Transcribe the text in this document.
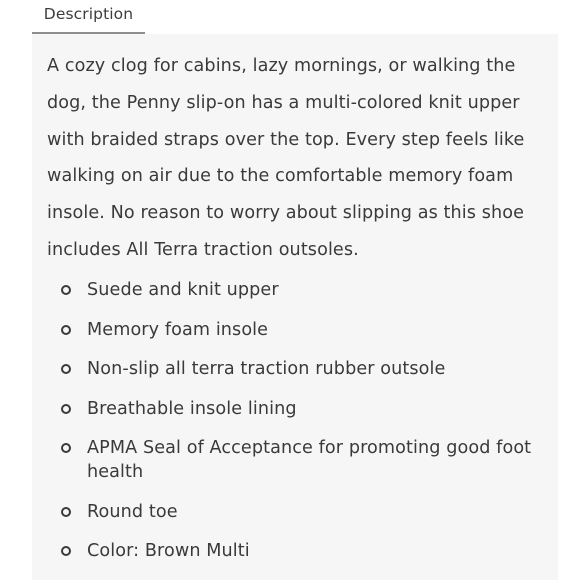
Description

A cozy clog for cabins, lazy mornings, or walking the dog, the Penny slip-on has a multi-colored knit upper with braided straps over the top. Every step feels like walking on air due to the comfortable memory foam insole. No reason to worry about slipping as this shoe includes All Terra traction outsoles.

Suede and knit upper
Memory foam insole
Non-slip all terra traction rubber outsole
Breathable insole lining
APMA Seal of Acceptance for promoting good foot health
Round toe
Color: Brown Multi
